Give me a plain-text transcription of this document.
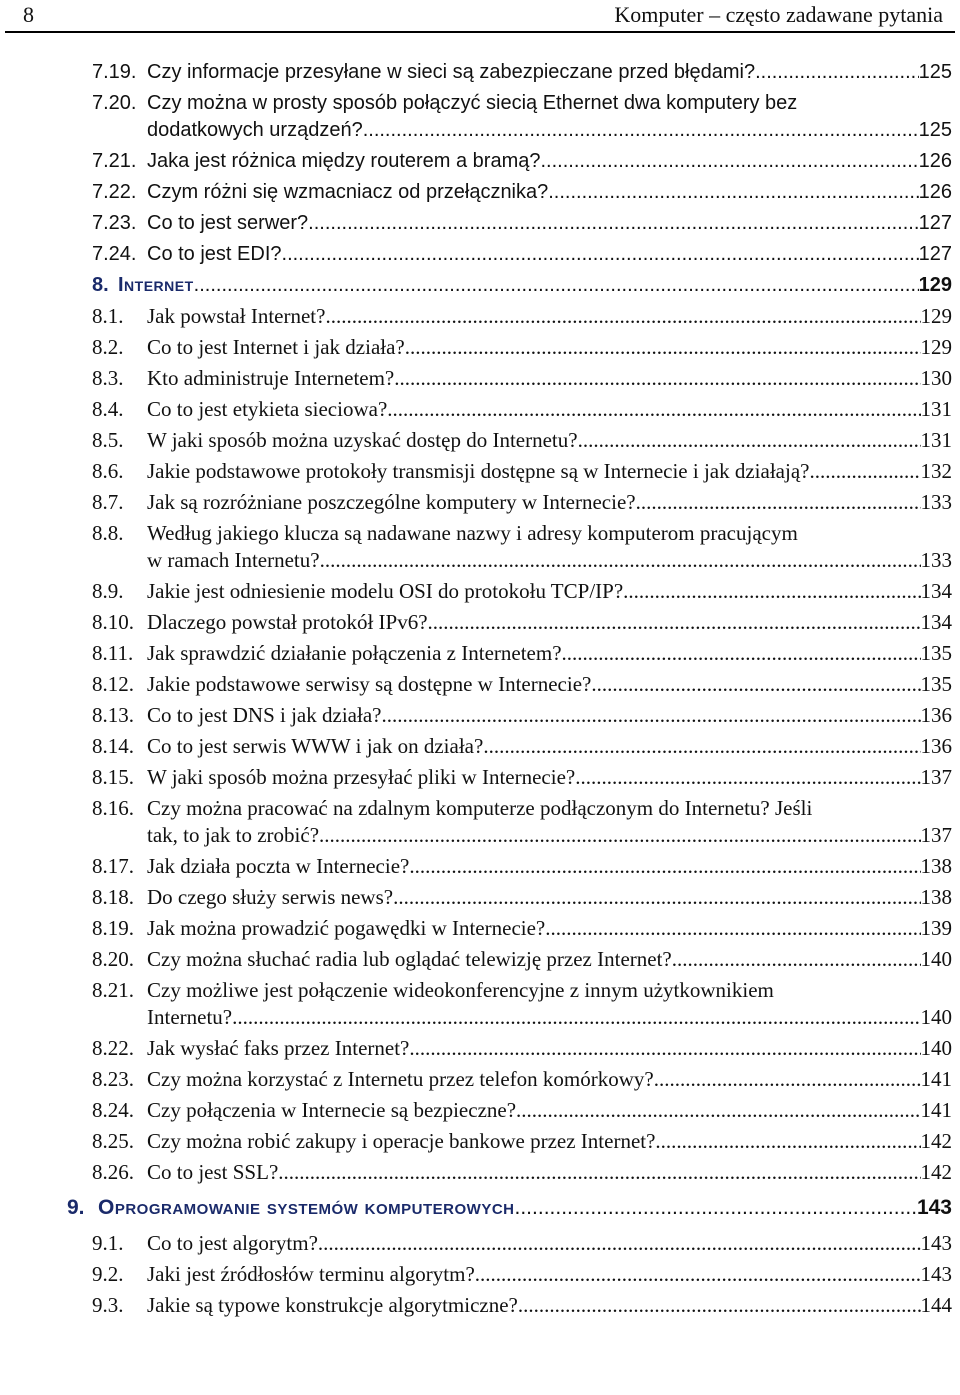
8	Komputer – często zadawane pytania
7.19. Czy informacje przesyłane w sieci są zabezpieczane przed błędami? .....	125
7.20. Czy można w prosty sposób połączyć siecią Ethernet dwa komputery bez
dodatkowych urządzeń? .....	125
7.21. Jaka jest różnica między routerem a bramą? .....	126
7.22. Czym różni się wzmacniacz od przełącznika? .....	126
7.23. Co to jest serwer? .....	127
7.24. Co to jest EDI? .....	127
8. Internet .....	129
8.1. Jak powstał Internet? .....	129
8.2. Co to jest Internet i jak działa? .....	129
8.3. Kto administruje Internetem? .....	130
8.4. Co to jest etykieta sieciowa? .....	131
8.5. W jaki sposób można uzyskać dostęp do Internetu? .....	131
8.6. Jakie podstawowe protokoły transmisji dostępne są w Internecie i jak działają? .....	132
8.7. Jak są rozróżniane poszczególne komputery w Internecie? .....	133
8.8. Według jakiego klucza są nadawane nazwy i adresy komputerom pracującym
w ramach Internetu? .....	133
8.9. Jakie jest odniesienie modelu OSI do protokołu TCP/IP? .....	134
8.10. Dlaczego powstał protokół IPv6? .....	134
8.11. Jak sprawdzić działanie połączenia z Internetem? .....	135
8.12. Jakie podstawowe serwisy są dostępne w Internecie? .....	135
8.13. Co to jest DNS i jak działa? .....	136
8.14. Co to jest serwis WWW i jak on działa? .....	136
8.15. W jaki sposób można przesyłać pliki w Internecie? .....	137
8.16. Czy można pracować na zdalnym komputerze podłączonym do Internetu? Jeśli
tak, to jak to zrobić? .....	137
8.17. Jak działa poczta w Internecie? .....	138
8.18. Do czego służy serwis news? .....	138
8.19. Jak można prowadzić pogawędki w Internecie? .....	139
8.20. Czy można słuchać radia lub oglądać telewizję przez Internet? .....	140
8.21. Czy możliwe jest połączenie wideokonferencyjne z innym użytkownikiem
Internetu? .....	140
8.22. Jak wysłać faks przez Internet? .....	140
8.23. Czy można korzystać z Internetu przez telefon komórkowy? .....	141
8.24. Czy połączenia w Internecie są bezpieczne? .....	141
8.25. Czy można robić zakupy i operacje bankowe przez Internet? .....	142
8.26. Co to jest SSL? .....	142
9. Oprogramowanie systemów komputerowych .....	143
9.1. Co to jest algorytm? .....	143
9.2. Jaki jest źródłosłów terminu algorytm? .....	143
9.3. Jakie są typowe konstrukcje algorytmiczne? .....	144
